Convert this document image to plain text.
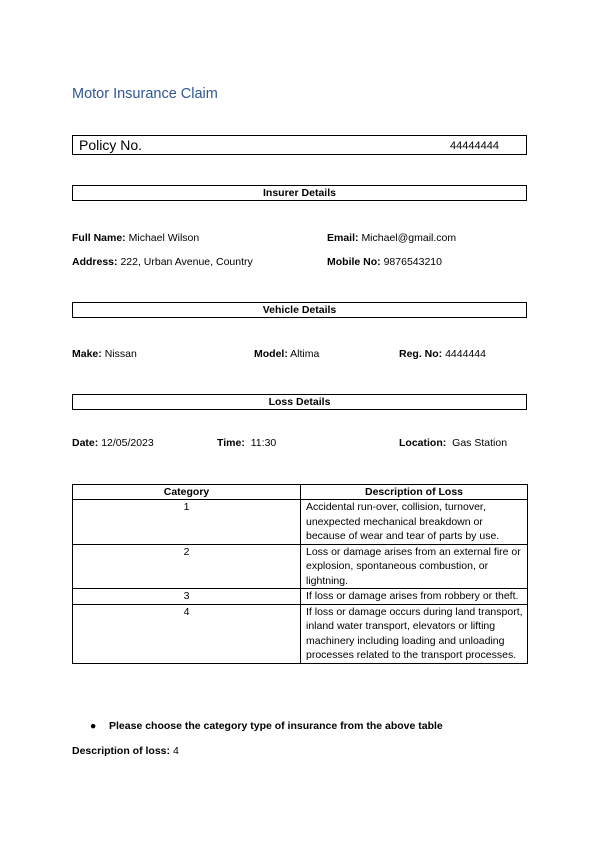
Motor Insurance Claim
Policy No.	44444444
Insurer Details
Full Name: Michael Wilson	Email: Michael@gmail.com
Address: 222, Urban Avenue, Country	Mobile No: 9876543210
Vehicle Details
Make: Nissan	Model: Altima	Reg. No: 4444444
Loss Details
Date: 12/05/2023	Time: 11:30	Location: Gas Station
Category	Description of Loss
1	Accidental run-over, collision, turnover, unexpected mechanical breakdown or because of wear and tear of parts by use.
2	Loss or damage arises from an external fire or explosion, spontaneous combustion, or lightning.
3	If loss or damage arises from robbery or theft.
4	If loss or damage occurs during land transport, inland water transport, elevators or lifting machinery including loading and unloading processes related to the transport processes.
● Please choose the category type of insurance from the above table
Description of loss: 4
